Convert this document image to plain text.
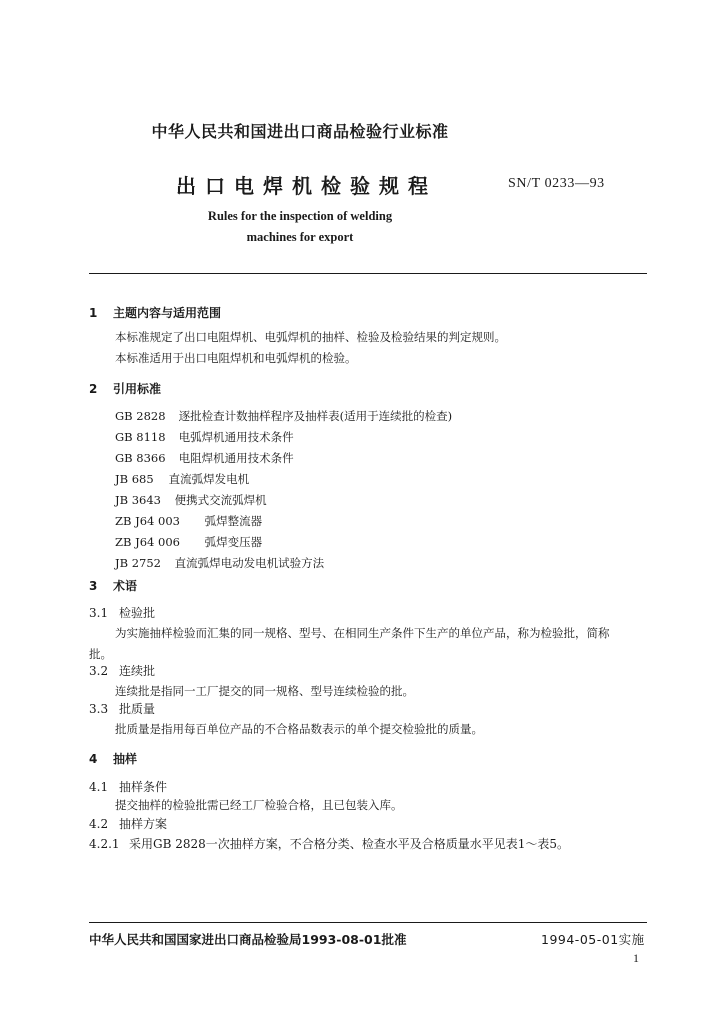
中华人民共和国进出口商品检验行业标准
出口电焊机检验规程	SN/T 0233—93
Rules for the inspection of welding
machines for export
1 主题内容与适用范围
本标准规定了出口电阻焊机、电弧焊机的抽样、检验及检验结果的判定规则。
本标准适用于出口电阻焊机和电弧焊机的检验。
2 引用标准
GB 2828 逐批检查计数抽样程序及抽样表(适用于连续批的检查)
GB 8118 电弧焊机通用技术条件
GB 8366 电阻焊机通用技术条件
JB 685 直流弧焊发电机
JB 3643 便携式交流弧焊机
ZB J64 003 弧焊整流器
ZB J64 006 弧焊变压器
JB 2752 直流弧焊电动发电机试验方法
3 术语
3.1 检验批
为实施抽样检验而汇集的同一规格、型号、在相同生产条件下生产的单位产品，称为检验批，简称
批。
3.2 连续批
连续批是指同一工厂提交的同一规格、型号连续检验的批。
3.3 批质量
批质量是指用每百单位产品的不合格品数表示的单个提交检验批的质量。
4 抽样
4.1 抽样条件
提交抽样的检验批需已经工厂检验合格，且已包装入库。
4.2 抽样方案
4.2.1 采用GB 2828一次抽样方案，不合格分类、检查水平及合格质量水平见表1～表5。
中华人民共和国国家进出口商品检验局1993-08-01批准	1994-05-01实施
1
